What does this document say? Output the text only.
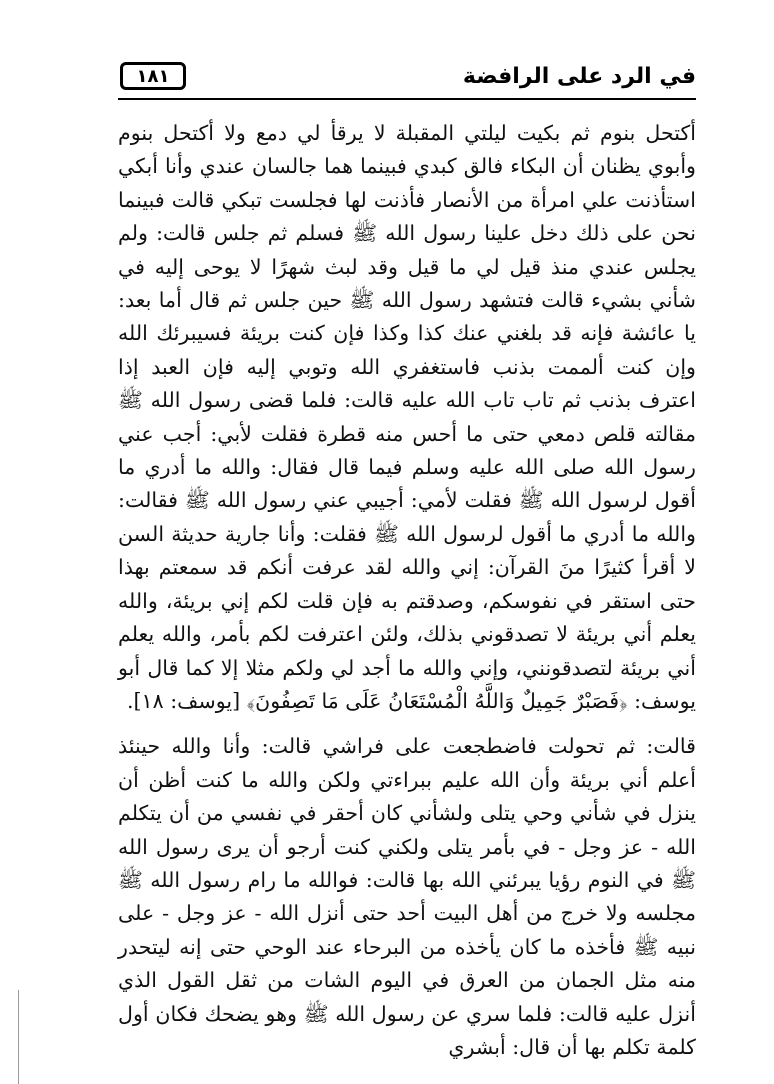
في الرد على الرافضة
١٨١

أكتحل بنوم ثم بكيت ليلتي المقبلة لا يرقأ لي دمع ولا أكتحل بنوم وأبوي يظنان أن البكاء فالق كبدي فبينما هما جالسان عندي وأنا أبكي استأذنت علي امرأة من الأنصار فأذنت لها فجلست تبكي قالت فبينما نحن على ذلك دخل علينا رسول الله ﷺ فسلم ثم جلس قالت: ولم يجلس عندي منذ قيل لي ما قيل وقد لبث شهرًا لا يوحى إليه في شأني بشيء قالت فتشهد رسول الله ﷺ حين جلس ثم قال أما بعد: يا عائشة فإنه قد بلغني عنك كذا وكذا فإن كنت بريئة فسيبرئك الله وإن كنت ألممت بذنب فاستغفري الله وتوبي إليه فإن العبد إذا اعترف بذنب ثم تاب تاب الله عليه قالت: فلما قضى رسول الله ﷺ مقالته قلص دمعي حتى ما أحس منه قطرة فقلت لأبي: أجب عني رسول الله صلى الله عليه وسلم فيما قال فقال: والله ما أدري ما أقول لرسول الله ﷺ فقلت لأمي: أجيبي عني رسول الله ﷺ فقالت: والله ما أدري ما أقول لرسول الله ﷺ فقلت: وأنا جارية حديثة السن لا أقرأ كثيرًا منَ القرآن: إني والله لقد عرفت أنكم قد سمعتم بهذا حتى استقر في نفوسكم، وصدقتم به فإن قلت لكم إني بريئة، والله يعلم أني بريئة لا تصدقوني بذلك، ولئن اعترفت لكم بأمر، والله يعلم أني بريئة لتصدقونني، وإني والله ما أجد لي ولكم مثلا إلا كما قال أبو يوسف: ﴿فَصَبْرٌ جَمِيلٌ وَاللَّهُ الْمُسْتَعَانُ عَلَى مَا تَصِفُونَ﴾ [يوسف: ١٨].

قالت: ثم تحولت فاضطجعت على فراشي قالت: وأنا والله حينئذ أعلم أني بريئة وأن الله عليم ببراءتي ولكن والله ما كنت أظن أن ينزل في شأني وحي يتلى ولشأني كان أحقر في نفسي من أن يتكلم الله - عز وجل - في بأمر يتلى ولكني كنت أرجو أن يرى رسول الله ﷺ في النوم رؤيا يبرئني الله بها قالت: فوالله ما رام رسول الله ﷺ مجلسه ولا خرج من أهل البيت أحد حتى أنزل الله - عز وجل - على نبيه ﷺ فأخذه ما كان يأخذه من البرحاء عند الوحي حتى إنه ليتحدر منه مثل الجمان من العرق في اليوم الشات من ثقل القول الذي أنزل عليه قالت: فلما سري عن رسول الله ﷺ وهو يضحك فكان أول كلمة تكلم بها أن قال: أبشري
